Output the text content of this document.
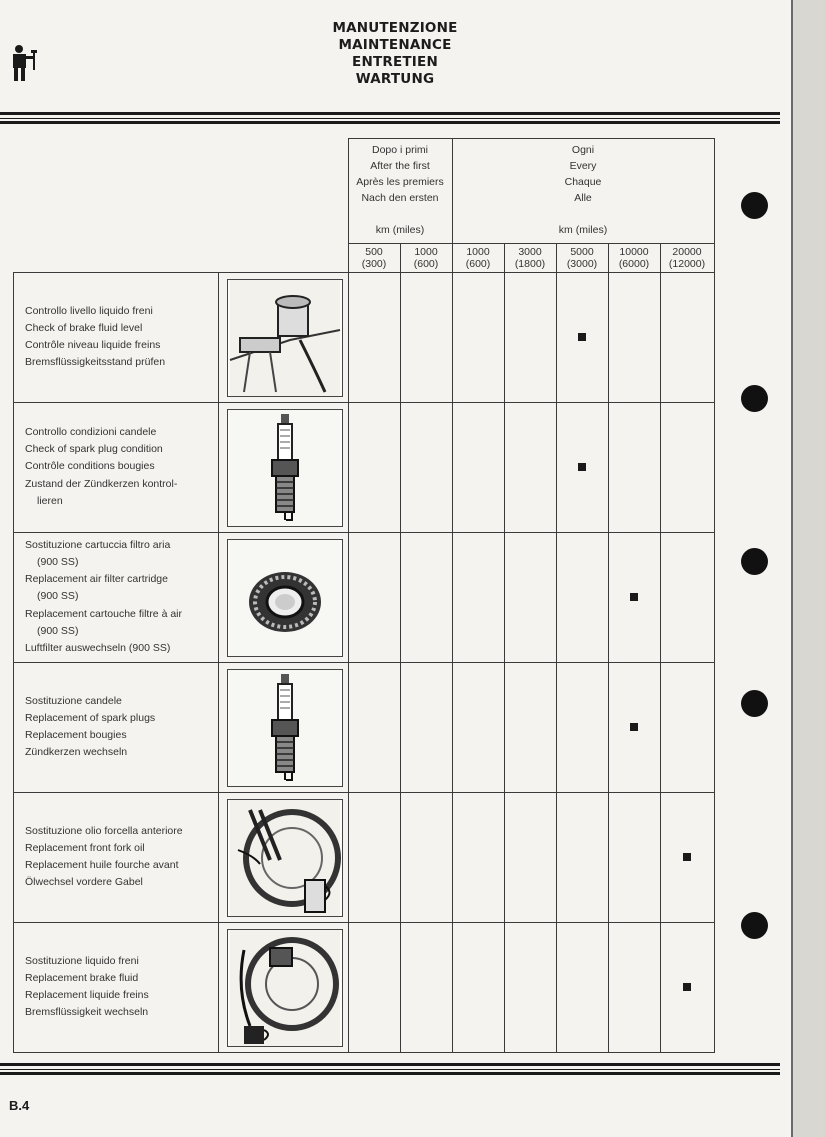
MANUTENZIONE
MAINTENANCE
ENTRETIEN
WARTUNG
B.4
Dopo i primi
After the first
Après les premiers
Nach den ersten
km (miles)
Ogni
Every
Chaque
Alle
km (miles)
500
(300)
1000
(600)
1000
(600)
3000
(1800)
5000
(3000)
10000
(6000)
20000
(12000)
Controllo livello liquido freni
Check of brake fluid level
Contrôle niveau liquide freins
Bremsflüssigkeitsstand prüfen
Controllo condizioni candele
Check of spark plug condition
Contrôle conditions bougies
Zustand der Zündkerzen kontrol-
lieren
Sostituzione cartuccia filtro aria
(900 SS)
Replacement air filter cartridge
(900 SS)
Replacement cartouche filtre à air
(900 SS)
Luftfilter auswechseln (900 SS)
Sostituzione candele
Replacement of spark plugs
Replacement bougies
Zündkerzen wechseln
Sostituzione olio forcella anteriore
Replacement front fork oil
Replacement huile fourche avant
Ölwechsel vordere Gabel
Sostituzione liquido freni
Replacement brake fluid
Replacement liquide freins
Bremsflüssigkeit wechseln
